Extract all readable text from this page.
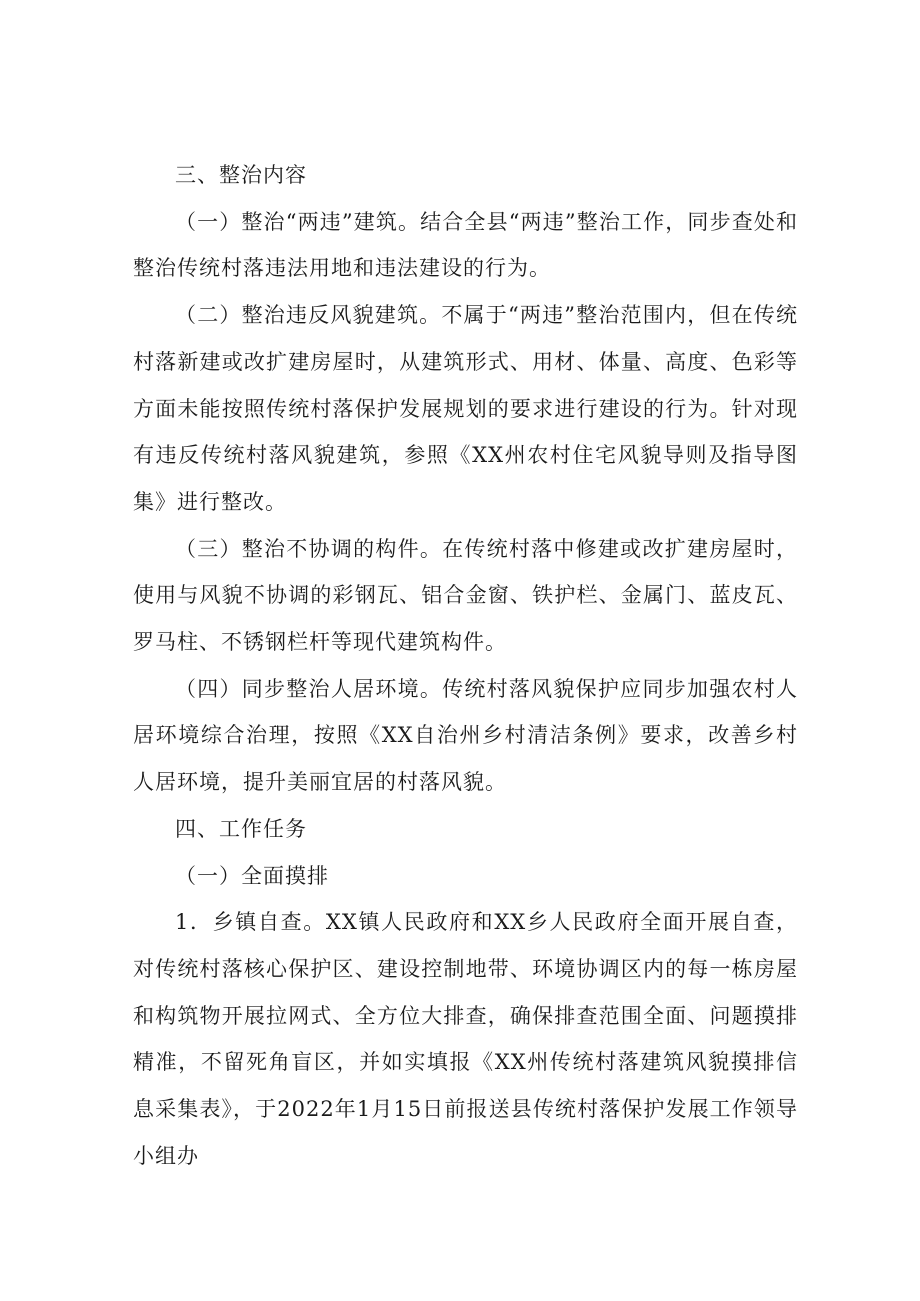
三、整治内容

（一）整治“两违”建筑。结合全县“两违”整治工作，同步查处和整治传统村落违法用地和违法建设的行为。

（二）整治违反风貌建筑。不属于“两违”整治范围内，但在传统村落新建或改扩建房屋时，从建筑形式、用材、体量、高度、色彩等方面未能按照传统村落保护发展规划的要求进行建设的行为。针对现有违反传统村落风貌建筑，参照《XX州农村住宅风貌导则及指导图集》进行整改。

（三）整治不协调的构件。在传统村落中修建或改扩建房屋时，使用与风貌不协调的彩钢瓦、铝合金窗、铁护栏、金属门、蓝皮瓦、罗马柱、不锈钢栏杆等现代建筑构件。

（四）同步整治人居环境。传统村落风貌保护应同步加强农村人居环境综合治理，按照《XX自治州乡村清洁条例》要求，改善乡村人居环境，提升美丽宜居的村落风貌。

四、工作任务

（一）全面摸排

1．乡镇自查。XX镇人民政府和XX乡人民政府全面开展自查，对传统村落核心保护区、建设控制地带、环境协调区内的每一栋房屋和构筑物开展拉网式、全方位大排查，确保排查范围全面、问题摸排精准，不留死角盲区，并如实填报《XX州传统村落建筑风貌摸排信息采集表》，于2022年1月15日前报送县传统村落保护发展工作领导小组办
